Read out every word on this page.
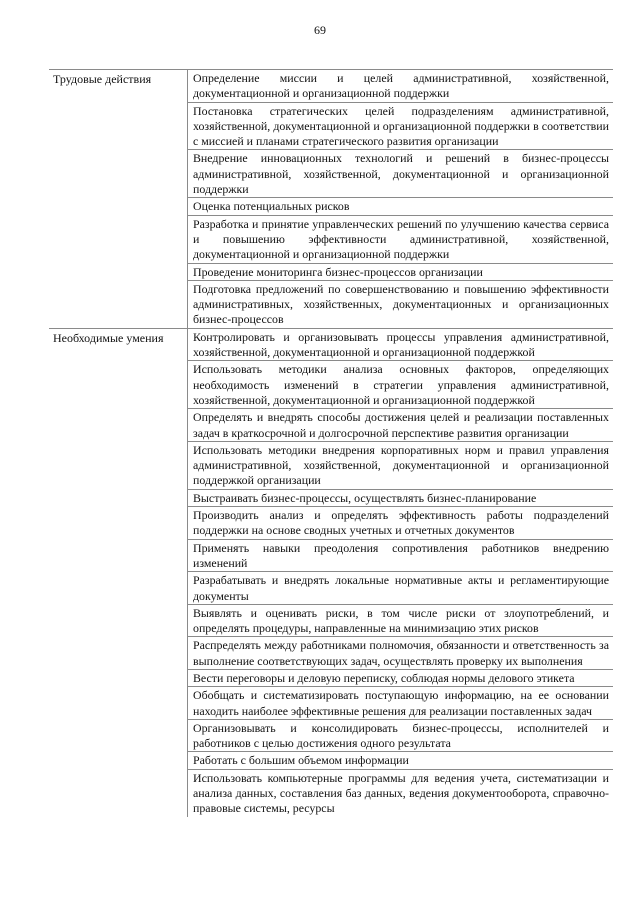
69
Трудовые действия	Определение миссии и целей административной, хозяйственной, документационной и организационной поддержки
Постановка стратегических целей подразделениям административной, хозяйственной, документационной и организационной поддержки в соответствии с миссией и планами стратегического развития организации
Внедрение инновационных технологий и решений в бизнес-процессы административной, хозяйственной, документационной и организационной поддержки
Оценка потенциальных рисков
Разработка и принятие управленческих решений по улучшению качества сервиса и повышению эффективности административной, хозяйственной, документационной и организационной поддержки
Проведение мониторинга бизнес-процессов организации
Подготовка предложений по совершенствованию и повышению эффективности административных, хозяйственных, документационных и организационных бизнес-процессов
Необходимые умения	Контролировать и организовывать процессы управления административной, хозяйственной, документационной и организационной поддержкой
Использовать методики анализа основных факторов, определяющих необходимость изменений в стратегии управления административной, хозяйственной, документационной и организационной поддержкой
Определять и внедрять способы достижения целей и реализации поставленных задач в краткосрочной и долгосрочной перспективе развития организации
Использовать методики внедрения корпоративных норм и правил управления административной, хозяйственной, документационной и организационной поддержкой организации
Выстраивать бизнес-процессы, осуществлять бизнес-планирование
Производить анализ и определять эффективность работы подразделений поддержки на основе сводных учетных и отчетных документов
Применять навыки преодоления сопротивления работников внедрению изменений
Разрабатывать и внедрять локальные нормативные акты и регламентирующие документы
Выявлять и оценивать риски, в том числе риски от злоупотреблений, и определять процедуры, направленные на минимизацию этих рисков
Распределять между работниками полномочия, обязанности и ответственность за выполнение соответствующих задач, осуществлять проверку их выполнения
Вести переговоры и деловую переписку, соблюдая нормы делового этикета
Обобщать и систематизировать поступающую информацию, на ее основании находить наиболее эффективные решения для реализации поставленных задач
Организовывать и консолидировать бизнес-процессы, исполнителей и работников с целью достижения одного результата
Работать с большим объемом информации
Использовать компьютерные программы для ведения учета, систематизации и анализа данных, составления баз данных, ведения документооборота, справочно-правовые системы, ресурсы
